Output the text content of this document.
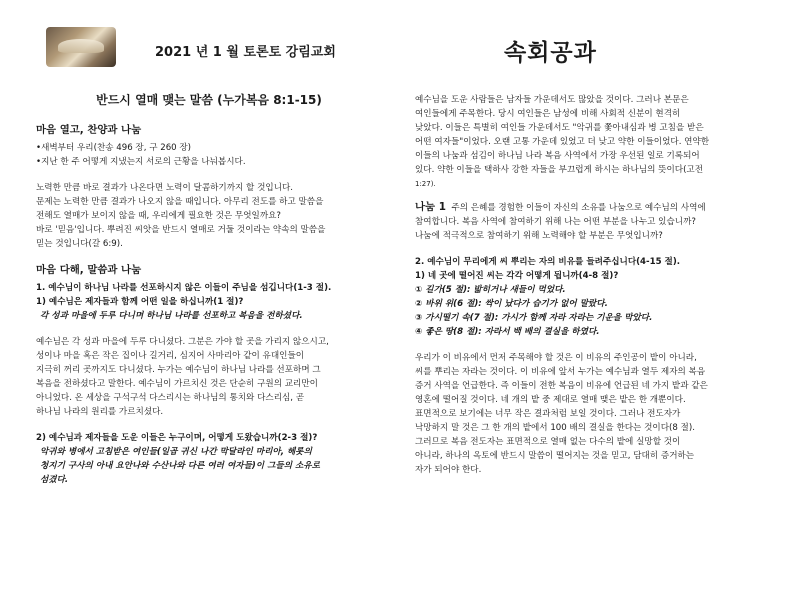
2021 년 1 월 토론토 강림교회	속회공과

반드시 열매 맺는 말씀 (누가복음 8:1-15)

마음 열고, 찬양과 나눔

•새벽부터 우리(찬송 496 장, 구 260 장)

•지난 한 주 어떻게 지냈는지 서로의 근황을 나눠봅시다.

노력한 만큼 바로 결과가 나온다면 노력이 달콤하기까지 할 것입니다.

문제는 노력한 만큼 결과가 나오지 않을 때입니다. 아무리 전도를 하고 말씀을

전해도 열매가 보이지 않을 때, 우리에게 필요한 것은 무엇일까요?

바로 '믿음'입니다. 뿌려진 씨앗을 반드시 열매로 거둘 것이라는 약속의 말씀을

믿는 것입니다(갈 6:9).

마음 다해, 말씀과 나눔

1. 예수님이 하나님 나라를 선포하시지 않은 이들이 주님을 섬깁니다(1-3 절).

1) 예수님은 제자들과 함께 어떤 일을 하십니까(1 절)?

각 성과 마을에 두루 다니며 하나님 나라를 선포하고 복음을 전하셨다.

예수님은 각 성과 마을에 두루 다니셨다. 그분은 가야 할 곳을 가리지 않으시고,

성이나 마을 혹은 작은 집이나 길거리, 심지어 사마리아 같이 유대인들이

지극히 꺼리 곳까지도 다니셨다. 누가는 예수님이 하나님 나라를 선포하며 그

복음을 전하셨다고 말한다. 예수님이 가르치신 것은 단순히 구원의 교리만이

아니었다. 온 세상을 구석구석 다스리시는 하나님의 통치와 다스리심, 곧

하나님 나라의 원리를 가르치셨다.

2) 예수님과 제자들을 도운 이들은 누구이며, 어떻게 도왔습니까(2-3 절)?

악귀와 병에서 고침받은 여인들(일곱 귀신 나간 막달라인 마리아, 헤롯의

청지기 구사의 아내 요안나와 수산나와 다른 여러 여자들)이 그들의 소유로

섬겼다.

예수님을 도운 사람들은 남자들 가운데서도 많았을 것이다. 그러나 본문은

여인들에게 주목한다. 당시 여인들은 남성에 비해 사회적 신분이 현격히

낮았다. 이들은 특별히 여인들 가운데서도 "악귀를 쫓아내심과 병 고침을 받은

어떤 여자들"이었다. 오랜 고통 가운데 있었고 더 낮고 약한 이들이었다. 연약한

이들의 나눔과 섬김이 하나님 나라 복음 사역에서 가장 우선된 일로 기록되어

있다. 약한 이들을 택하사 강한 자들을 부끄럽게 하시는 하나님의 뜻이다(고전

1:27).

나눔 1 주의 은혜를 경험한 이들이 자신의 소유를 나눔으로 예수님의 사역에

참여합니다. 복음 사역에 참여하기 위해 나는 어떤 부분을 나누고 있습니까?

나눔에 적극적으로 참여하기 위해 노력해야 할 부분은 무엇입니까?

2. 예수님이 무리에게 씨 뿌리는 자의 비유를 들려주십니다(4-15 절).

1) 네 곳에 떨어진 씨는 각각 어떻게 됩니까(4-8 절)?

① 길가(5 절): 밟히거나 새들이 먹었다.

② 바위 위(6 절): 싹이 났다가 습기가 없어 말랐다.

③ 가시떨기 속(7 절): 가시가 함께 자라 자라는 기운을 막았다.

④ 좋은 땅(8 절): 자라서 백 배의 결실을 하였다.

우리가 이 비유에서 먼저 주목해야 할 것은 이 비유의 주인공이 밭이 아니라,

씨를 뿌리는 자라는 것이다. 이 비유에 앞서 누가는 예수님과 열두 제자의 복음

증거 사역을 언급한다. 즉 이들이 전한 복음이 비유에 언급된 네 가지 밭과 같은

영혼에 떨어질 것이다. 네 개의 밭 중 제대로 열매 맺은 밭은 한 개뿐이다.

표면적으로 보기에는 너무 작은 결과처럼 보일 것이다. 그러나 전도자가

낙망하지 말 것은 그 한 개의 밭에서 100 배의 결실을 한다는 것이다(8 절).

그러므로 복음 전도자는 표면적으로 열매 없는 다수의 밭에 실망할 것이

아니라, 하나의 옥토에 반드시 말씀이 떨어지는 것을 믿고, 담대히 증거하는

자가 되어야 한다.
